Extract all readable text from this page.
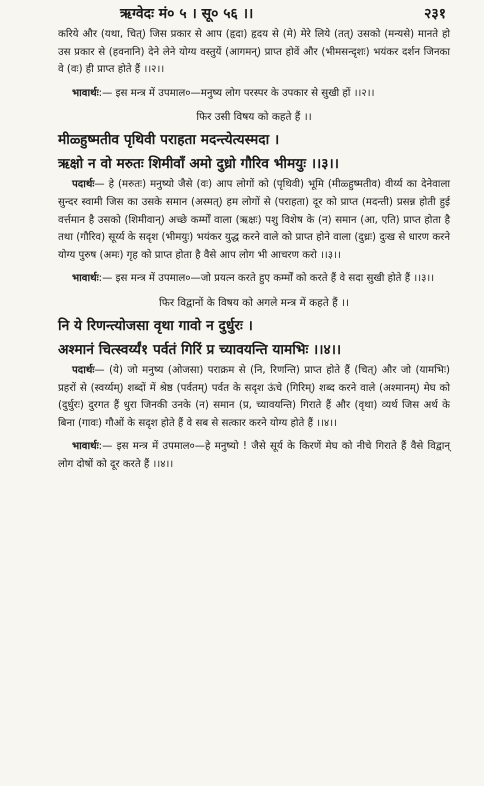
ऋग्वेदः मं० ५ । सू० ५६ ।।	२३१

करिये और (यथा, चित्) जिस प्रकार से आप (हृदा) हृदय से (मे) मेरे लिये (तत्) उसको (मन्यसे) मानते हो उस प्रकार से (हवनानि) देने लेने योग्य वस्तुयें (आगमन्) प्राप्त होवें और (भीमसन्दृशः) भयंकर दर्शन जिनका वे (वः) ही प्राप्त होते हैं ।।२।।

भावार्थः:— इस मन्त्र में उपमाल०—मनुष्य लोग परस्पर के उपकार से सुखी हों ।।२।।

फिर उसी विषय को कहते हैं ।।

मीळ्हुष्मतीव पृथिवी पराहता मदन्त्येत्यस्मदा ।

ऋक्षो न वो मरुतः शिमीवाँ अमो दुध्रो गौरिव भीमयुः ।।३।।

पदार्थः— हे (मरुतः) मनुष्यो जैसे (वः) आप लोगों को (पृथिवी) भूमि (मीळ्हुष्मतीव) वीर्य्य का देनेवाला सुन्दर स्वामी जिस का उसके समान (अस्मत्) हम लोगों से (पराहता) दूर को प्राप्त (मदन्ती) प्रसन्न होती हुई वर्त्तमान है उसको (शिमीवान्) अच्छे कर्म्मों वाला (ऋक्षः) पशु विशेष के (न) समान (आ, एति) प्राप्त होता है तथा (गौरिव) सूर्य्य के सदृश (भीमयुः) भयंकर युद्ध करने वाले को प्राप्त होने वाला (दुध्रः) दुःख से धारण करने योग्य पुरुष (अमः) गृह को प्राप्त होता है वैसे आप लोग भी आचरण करो ।।३।।

भावार्थः:— इस मन्त्र में उपमाल०—जो प्रयत्न करते हुए कर्म्मों को करते हैं वे सदा सुखी होते हैं ।।३।।

फिर विद्वानों के विषय को अगले मन्त्र में कहते हैं ।।

नि ये रिणन्त्योजसा वृथा गावो न दुर्धुरः ।

अश्मानं चित्स्वर्य्यं१ पर्वतं गिरिं प्र च्यावयन्ति यामभिः ।।४।।

पदार्थः— (ये) जो मनुष्य (ओजसा) पराक्रम से (नि, रिणन्ति) प्राप्त होते हैं (चित्) और जो (यामभिः) प्रहरों से (स्वर्य्यम्) शब्दों में श्रेष्ठ (पर्वतम्) पर्वत के सदृश ऊंचे (गिरिम्) शब्द करने वाले (अश्मानम्) मेघ को (दुर्धुरः) दुरगत हैं धुरा जिनकी उनके (न) समान (प्र, च्यावयन्ति) गिराते हैं और (वृथा) व्यर्थ जिस अर्थ के बिना (गावः) गौओं के सदृश होते हैं वे सब से सत्कार करने योग्य होते हैं ।।४।।

भावार्थः:— इस मन्त्र में उपमाल०—हे मनुष्यो ! जैसे सूर्य के किरणें मेघ को नीचे गिराते हैं वैसे विद्वान् लोग दोषों को दूर करते हैं ।।४।।
